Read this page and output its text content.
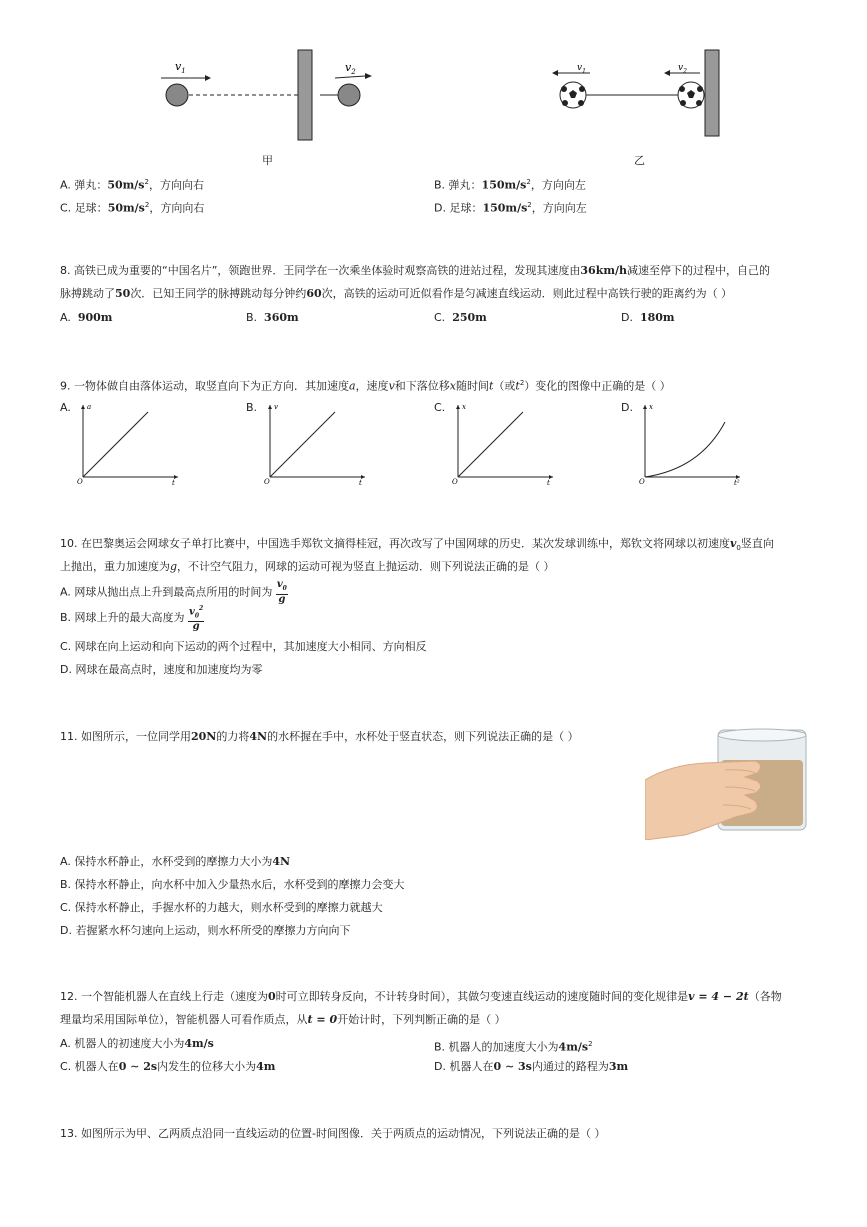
$v_1$	$v_2$
甲
$v_1$	$v_2$
乙
A. 弹丸：$50m/s^2$，方向向右	B. 弹丸：$150m/s^2$，方向向左
C. 足球：$50m/s^2$，方向向右	D. 足球：$150m/s^2$，方向向左
8. 高铁已成为重要的“中国名片”，领跑世界．王同学在一次乘坐体验时观察高铁的进站过程，发现其速度由36km/h减速至停下的过程中，自己的
脉搏跳动了50次．已知王同学的脉搏跳动每分钟约60次，高铁的运动可近似看作是匀减速直线运动．则此过程中高铁行驶的距离约为（ ）
A. 900m	B. 360m	C. 250m	D. 180m
9. 一物体做自由落体运动，取竖直向下为正方向．其加速度a，速度v和下落位移x随时间t（或$t^2$）变化的图像中正确的是（ ）
A.	B.	C.	D.
a
t
O
v
t
O
x
t
O
x
t²
O
10. 在巴黎奥运会网球女子单打比赛中，中国选手郑钦文摘得桂冠，再次改写了中国网球的历史．某次发球训练中，郑钦文将网球以初速度$v_0$竖直向
上抛出，重力加速度为g，不计空气阻力，网球的运动可视为竖直上抛运动．则下列说法正确的是（ ）
A. 网球从抛出点上升到最高点所用的时间为 $\frac{v_0}{g}$
B. 网球上升的最大高度为 $\frac{v_0^2}{g}$
C. 网球在向上运动和向下运动的两个过程中，其加速度大小相同、方向相反
D. 网球在最高点时，速度和加速度均为零
11. 如图所示，一位同学用20N的力将4N的水杯握在手中，水杯处于竖直状态，则下列说法正确的是（ ）
A. 保持水杯静止，水杯受到的摩擦力大小为4N
B. 保持水杯静止，向水杯中加入少量热水后，水杯受到的摩擦力会变大
C. 保持水杯静止，手握水杯的力越大，则水杯受到的摩擦力就越大
D. 若握紧水杯匀速向上运动，则水杯所受的摩擦力方向向下
12. 一个智能机器人在直线上行走（速度为0时可立即转身反向，不计转身时间），其做匀变速直线运动的速度随时间的变化规律是v = 4 − 2t（各物
理量均采用国际单位），智能机器人可看作质点，从t = 0开始计时，下列判断正确的是（ ）
A. 机器人的初速度大小为4m/s	B. 机器人的加速度大小为$4m/s^2$
C. 机器人在0 ∼ 2s内发生的位移大小为4m	D. 机器人在0 ∼ 3s内通过的路程为3m
13. 如图所示为甲、乙两质点沿同一直线运动的位置-时间图像．关于两质点的运动情况，下列说法正确的是（ ）
